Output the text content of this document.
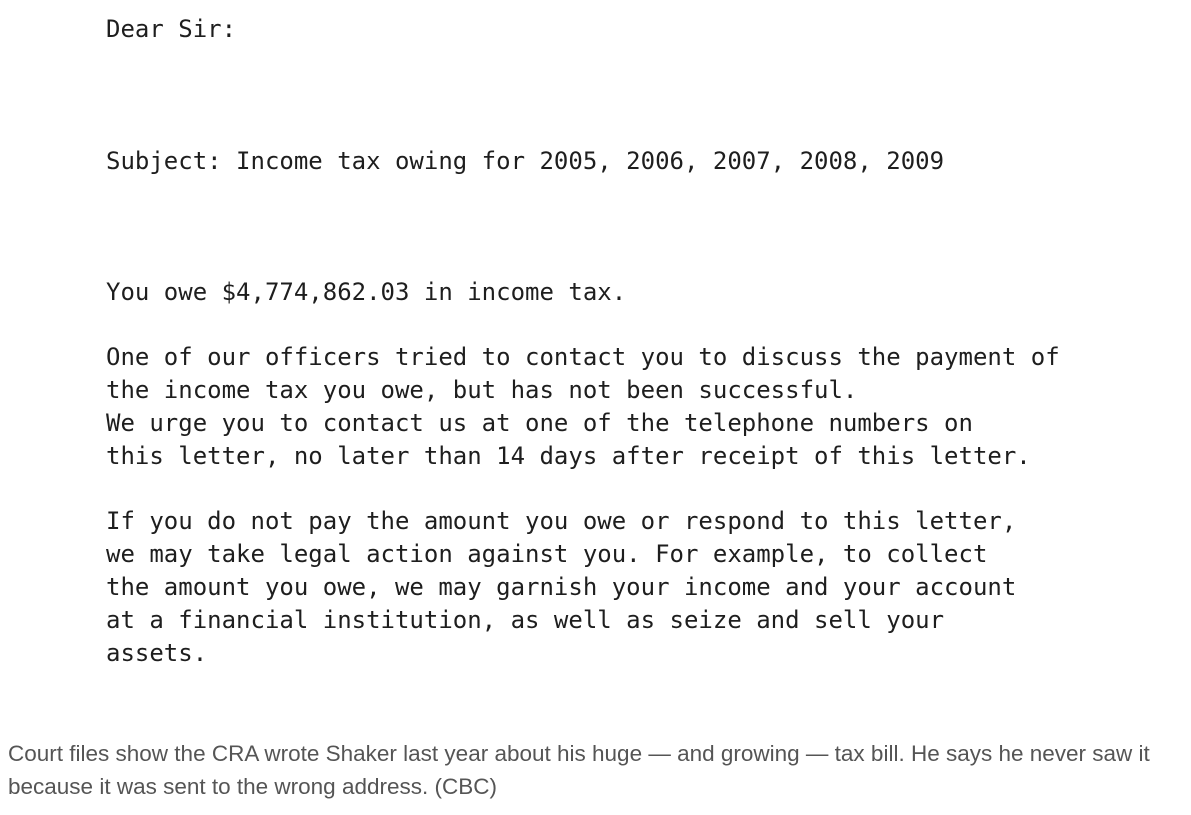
Dear Sir:
Subject: Income tax owing for 2005, 2006, 2007, 2008, 2009
You owe $4,774,862.03 in income tax.
One of our officers tried to contact you to discuss the payment of
the income tax you owe, but has not been successful.
We urge you to contact us at one of the telephone numbers on
this letter, no later than 14 days after receipt of this letter.
If you do not pay the amount you owe or respond to this letter,
we may take legal action against you. For example, to collect
the amount you owe, we may garnish your income and your account
at a financial institution, as well as seize and sell your
assets.
Court files show the CRA wrote Shaker last year about his huge — and growing — tax bill. He says he never saw it because it was sent to the wrong address. (CBC)
